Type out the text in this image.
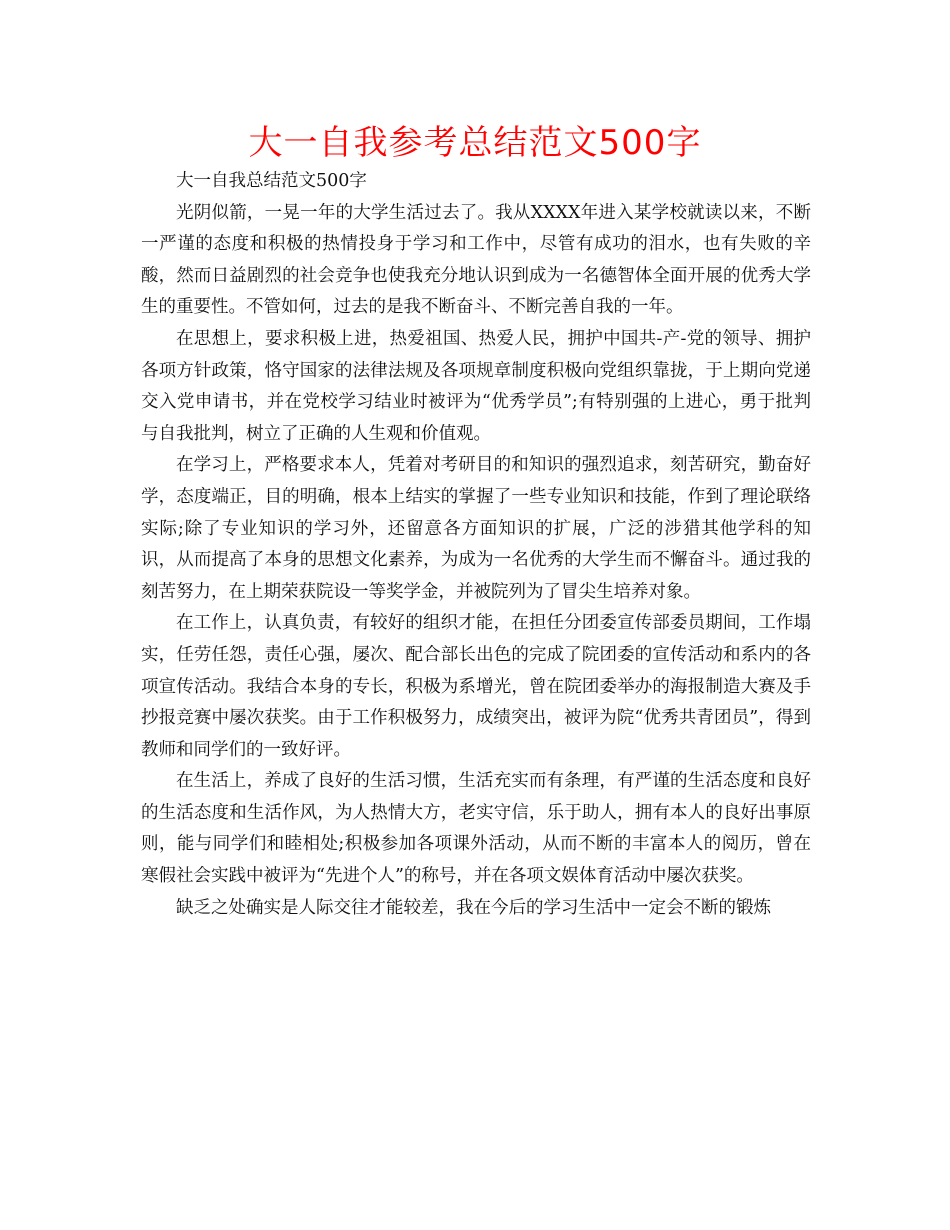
大一自我参考总结范文500字

大一自我总结范文500字

光阴似箭，一晃一年的大学生活过去了。我从XXXX年进入某学校就读以来，不断一严谨的态度和积极的热情投身于学习和工作中，尽管有成功的泪水，也有失败的辛酸，然而日益剧烈的社会竞争也使我充分地认识到成为一名德智体全面开展的优秀大学生的重要性。不管如何，过去的是我不断奋斗、不断完善自我的一年。

在思想上，要求积极上进，热爱祖国、热爱人民，拥护中国共-产-党的领导、拥护各项方针政策，恪守国家的法律法规及各项规章制度积极向党组织靠拢，于上期向党递交入党申请书，并在党校学习结业时被评为“优秀学员”;有特别强的上进心，勇于批判与自我批判，树立了正确的人生观和价值观。

在学习上，严格要求本人，凭着对考研目的和知识的强烈追求，刻苦研究，勤奋好学，态度端正，目的明确，根本上结实的掌握了一些专业知识和技能，作到了理论联络实际;除了专业知识的学习外，还留意各方面知识的扩展，广泛的涉猎其他学科的知识，从而提高了本身的思想文化素养，为成为一名优秀的大学生而不懈奋斗。通过我的刻苦努力，在上期荣获院设一等奖学金，并被院列为了冒尖生培养对象。

在工作上，认真负责，有较好的组织才能，在担任分团委宣传部委员期间，工作塌实，任劳任怨，责任心强，屡次、配合部长出色的完成了院团委的宣传活动和系内的各项宣传活动。我结合本身的专长，积极为系增光，曾在院团委举办的海报制造大赛及手抄报竞赛中屡次获奖。由于工作积极努力，成绩突出，被评为院“优秀共青团员”，得到教师和同学们的一致好评。

在生活上，养成了良好的生活习惯，生活充实而有条理，有严谨的生活态度和良好的生活态度和生活作风，为人热情大方，老实守信，乐于助人，拥有本人的良好出事原则，能与同学们和睦相处;积极参加各项课外活动，从而不断的丰富本人的阅历，曾在寒假社会实践中被评为“先进个人”的称号，并在各项文娱体育活动中屡次获奖。

缺乏之处确实是人际交往才能较差，我在今后的学习生活中一定会不断的锻炼
